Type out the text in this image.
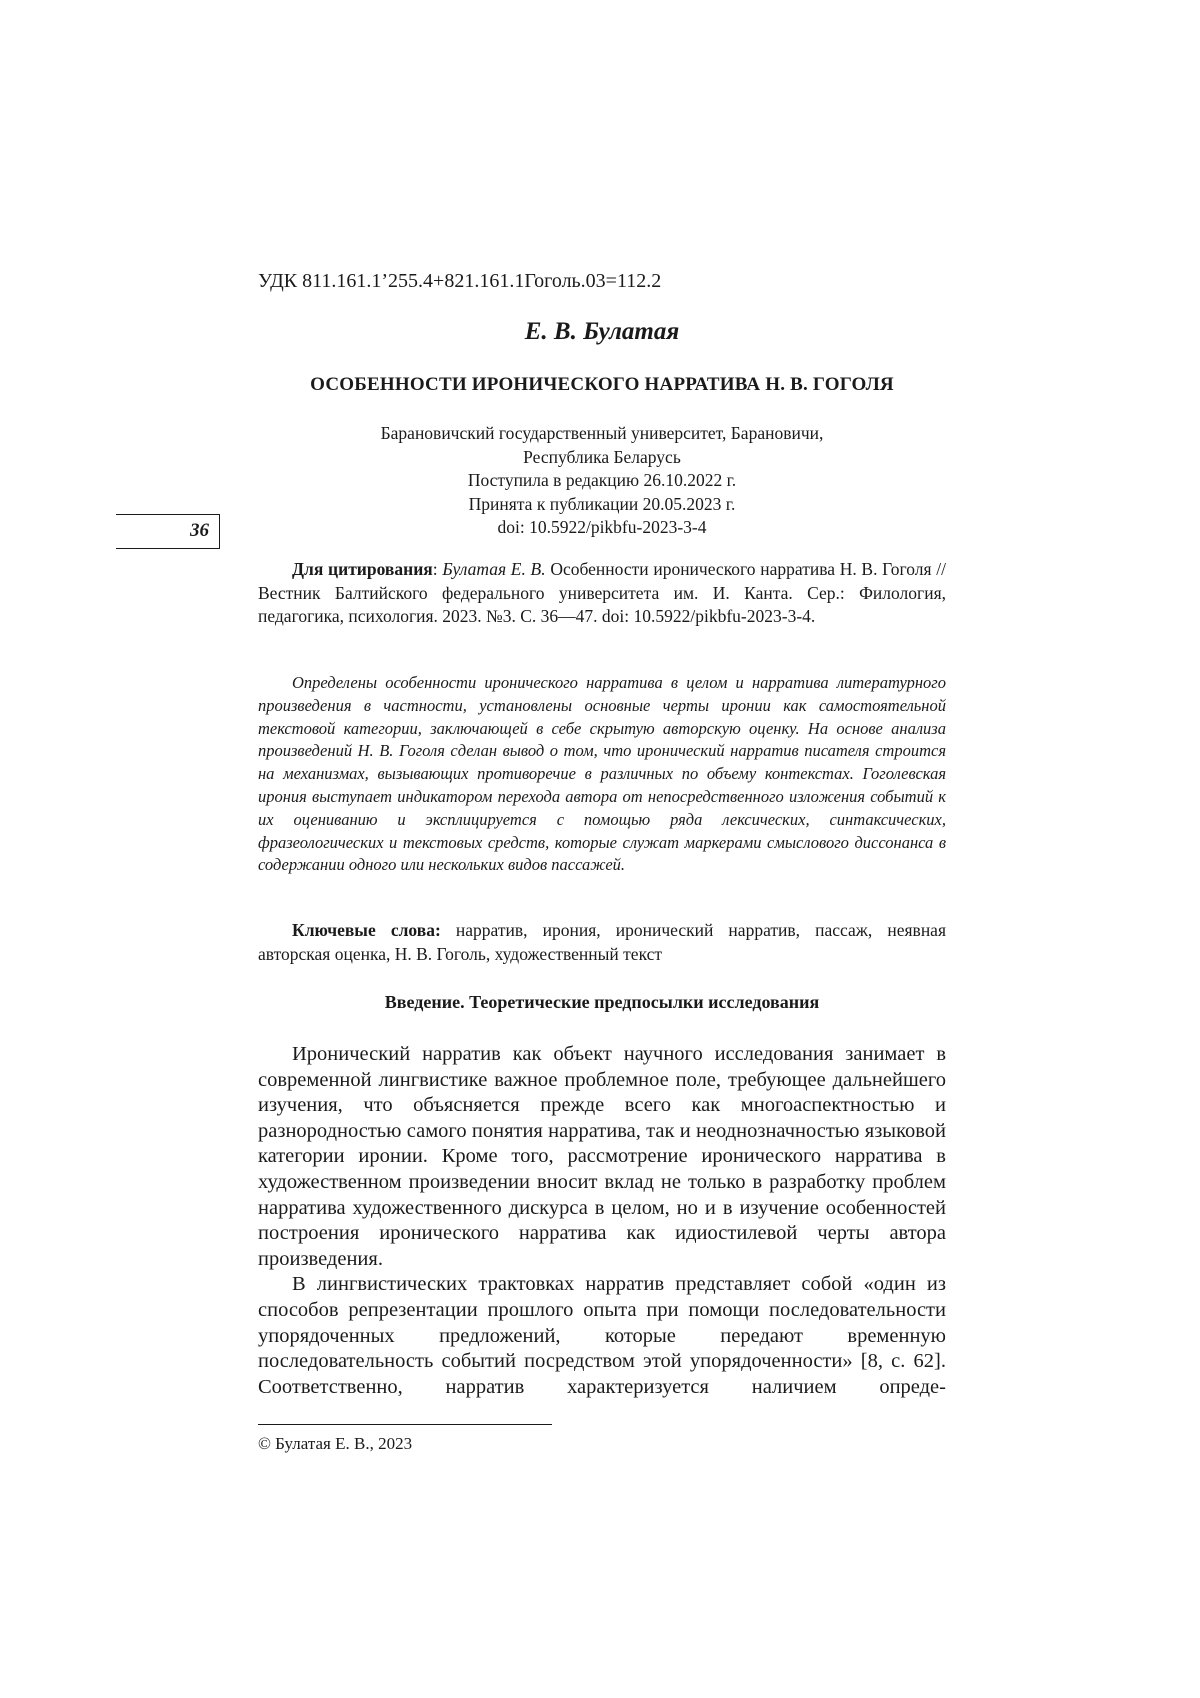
УДК 811.161.1’255.4+821.161.1Гоголь.03=112.2
Е. В. Булатая
ОСОБЕННОСТИ ИРОНИЧЕСКОГО НАРРАТИВА Н. В. ГОГОЛЯ
Барановичский государственный университет, Барановичи,
Республика Беларусь
Поступила в редакцию 26.10.2022 г.
Принята к публикации 20.05.2023 г.
doi: 10.5922/pikbfu-2023-3-4
36

Для цитирования: Булатая Е. В. Особенности иронического нарратива Н. В. Гоголя // Вестник Балтийского федерального университета им. И. Канта. Сер.: Филология, педагогика, психология. 2023. №3. С. 36—47. doi: 10.5922/pikbfu-2023-3-4.

Определены особенности иронического нарратива в целом и нарратива литературного произведения в частности, установлены основные черты иронии как самостоятельной текстовой категории, заключающей в себе скрытую авторскую оценку. На основе анализа произведений Н. В. Гоголя сделан вывод о том, что иронический нарратив писателя строится на механизмах, вызывающих противоречие в различных по объему контекстах. Гоголевская ирония выступает индикатором перехода автора от непосредственного изложения событий к их оцениванию и эксплицируется с помощью ряда лексических, синтаксических, фразеологических и текстовых средств, которые служат маркерами смыслового диссонанса в содержании одного или нескольких видов пассажей.

Ключевые слова: нарратив, ирония, иронический нарратив, пассаж, неявная авторская оценка, Н. В. Гоголь, художественный текст

Введение. Теоретические предпосылки исследования

Иронический нарратив как объект научного исследования занимает в современной лингвистике важное проблемное поле, требующее дальнейшего изучения, что объясняется прежде всего как многоаспектностью и разнородностью самого понятия нарратива, так и неоднозначностью языковой категории иронии. Кроме того, рассмотрение иронического нарратива в художественном произведении вносит вклад не только в разработку проблем нарратива художественного дискурса в целом, но и в изучение особенностей построения иронического нарратива как идиостилевой черты автора произведения.

В лингвистических трактовках нарратив представляет собой «один из способов репрезентации прошлого опыта при помощи последовательности упорядоченных предложений, которые передают временную последовательность событий посредством этой упорядоченности» [8, с. 62]. Соответственно, нарратив характеризуется наличием опреде-

© Булатая Е. В., 2023
